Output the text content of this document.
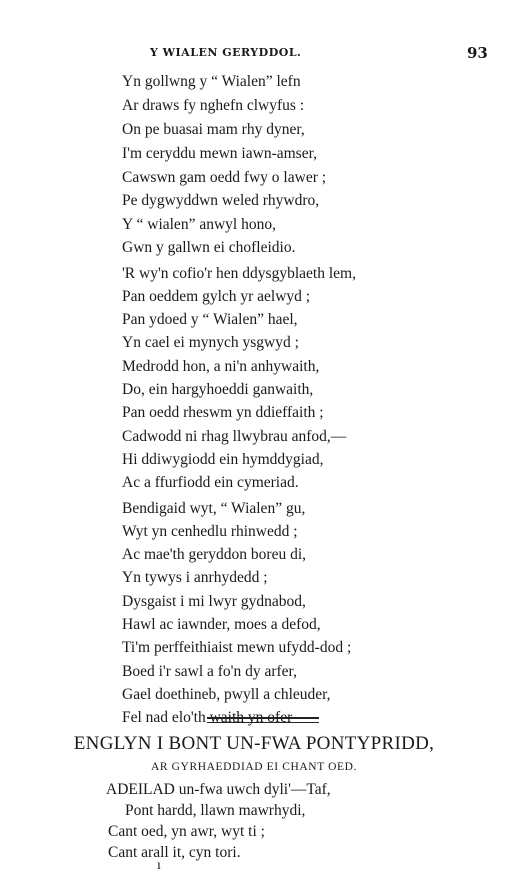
Y WIALEN GERYDDOL.	93
Yn gollwng y “ Wialen” lefn
Ar draws fy nghefn clwyfus :
On pe buasai mam rhy dyner,
I'm ceryddu mewn iawn-amser,
Cawswn gam oedd fwy o lawer ;
Pe dygwyddwn weled rhywdro,
Y “ wialen” anwyl hono,
Gwn y gallwn ei chofleidio.
'R wy'n cofio'r hen ddysgyblaeth lem,
Pan oeddem gylch yr aelwyd ;
Pan ydoed y “ Wialen” hael,
Yn cael ei mynych ysgwyd ;
Medrodd hon, a ni'n anhywaith,
Do, ein hargyhoeddi ganwaith,
Pan oedd rheswm yn ddieffaith ;
Cadwodd ni rhag llwybrau anfod,—
Hi ddiwygiodd ein hymddygiad,
Ac a ffurfiodd ein cymeriad.
Bendigaid wyt, “ Wialen” gu,
Wyt yn cenhedlu rhinwedd ;
Ac mae'th geryddon boreu di,
Yn tywys i anrhydedd ;
Dysgaist i mi lwyr gydnabod,
Hawl ac iawnder, moes a defod,
Ti'm perffeithiaist mewn ufydd-dod ;
Boed i'r sawl a fo'n dy arfer,
Gael doethineb, pwyll a chleuder,
Fel nad elo'th waith yn ofer
ENGLYN I BONT UN-FWA PONTYPRIDD,
AR GYRHAEDDIAD EI CHANT OED.
ADEILAD un-fwa uwch dyli'—Taf,
Pont hardd, llawn mawrhydi,
Cant oed, yn awr, wyt ti ;
Cant arall it, cyn tori.
ı
